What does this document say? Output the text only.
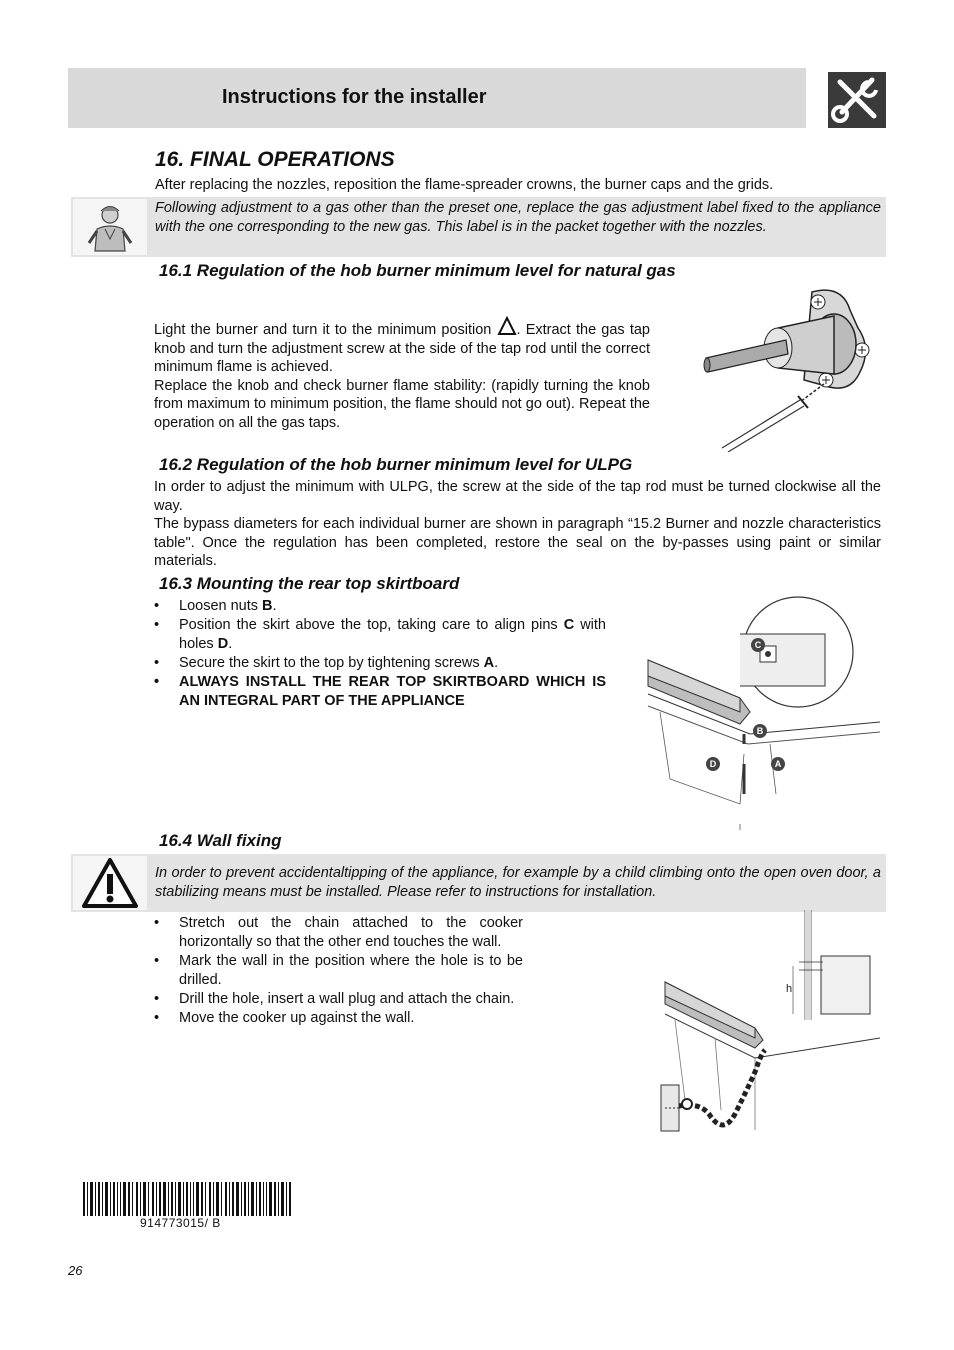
Instructions for the installer
16. FINAL OPERATIONS
After replacing the nozzles, reposition the flame-spreader crowns, the burner caps and the grids.
Following adjustment to a gas other than the preset one, replace the gas adjustment label fixed to the appliance with the one corresponding to the new gas. This label is in the packet together with the nozzles.
16.1 Regulation of the hob burner minimum level for natural gas
Light the burner and turn it to the minimum position . Extract the gas tap knob and turn the adjustment screw at the side of the tap rod until the correct minimum flame is achieved.
Replace the knob and check burner flame stability: (rapidly turning the knob from maximum to minimum position, the flame should not go out). Repeat the operation on all the gas taps.
16.2 Regulation of the hob burner minimum level for ULPG
In order to adjust the minimum with ULPG, the screw at the side of the tap rod must be turned clockwise all the way.
The bypass diameters for each individual burner are shown in paragraph “15.2 Burner and nozzle characteristics table". Once the regulation has been completed, restore the seal on the by-passes using paint or similar materials.
16.3 Mounting the rear top skirtboard
• Loosen nuts B.
• Position the skirt above the top, taking care to align pins C with holes D.
• Secure the skirt to the top by tightening screws A.
• ALWAYS INSTALL THE REAR TOP SKIRTBOARD WHICH IS AN INTEGRAL PART OF THE APPLIANCE
C
B
D	A
16.4 Wall fixing
In order to prevent accidentaltipping of the appliance, for example by a child climbing onto the open oven door, a stabilizing means must be installed. Please refer to instructions for installation.
• Stretch out the chain attached to the cooker horizontally so that the other end touches the wall.
• Mark the wall in the position where the hole is to be drilled.
• Drill the hole, insert a wall plug and attach the chain.
• Move the cooker up against the wall.
h
914773015/ B
26
